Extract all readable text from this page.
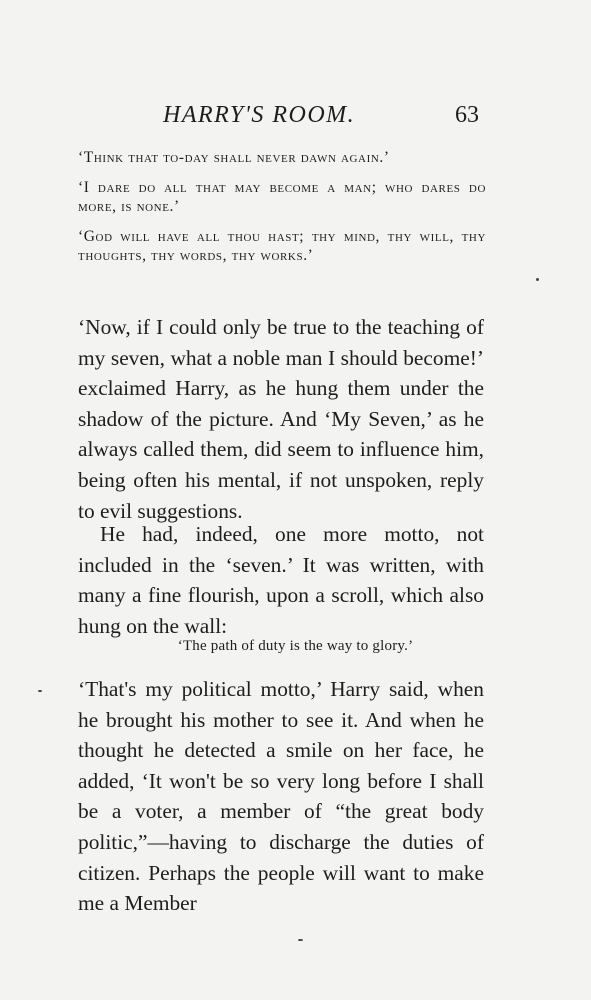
HARRY'S ROOM.	63

‘Think that to-day shall never dawn again.’

‘I dare do all that may become a man; who dares do more, is none.’

‘God will have all thou hast; thy mind, thy will, thy thoughts, thy words, thy works.’

‘Now, if I could only be true to the teaching of my seven, what a noble man I should become!’ exclaimed Harry, as he hung them under the shadow of the picture. And ‘My Seven,’ as he always called them, did seem to influence him, being often his mental, if not unspoken, reply to evil suggestions.

He had, indeed, one more motto, not included in the ‘seven.’ It was written, with many a fine flourish, upon a scroll, which also hung on the wall:

‘The path of duty is the way to glory.’

‘That's my political motto,’ Harry said, when he brought his mother to see it. And when he thought he detected a smile on her face, he added, ‘It won't be so very long before I shall be a voter, a member of “the great body politic,”—having to discharge the duties of citizen. Perhaps the people will want to make me a Member
